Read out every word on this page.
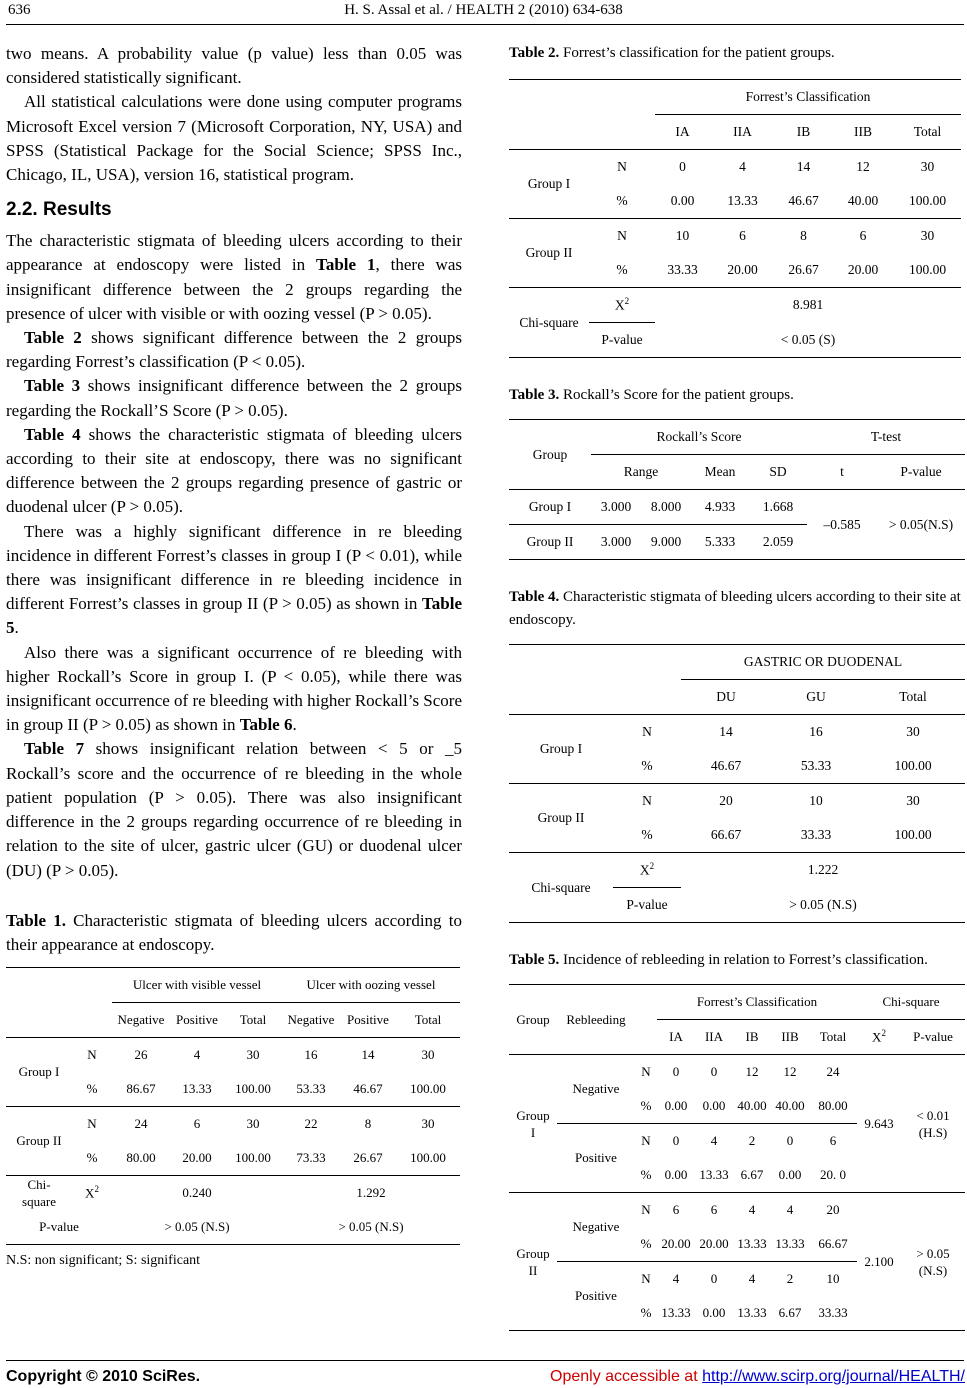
636	H. S. Assal et al. / HEALTH 2 (2010) 634-638

two means. A probability value (p value) less than 0.05 was considered statistically significant.

All statistical calculations were done using computer programs Microsoft Excel version 7 (Microsoft Corporation, NY, USA) and SPSS (Statistical Package for the Social Science; SPSS Inc., Chicago, IL, USA), version 16, statistical program.

2.2. Results

The characteristic stigmata of bleeding ulcers according to their appearance at endoscopy were listed in Table 1, there was insignificant difference between the 2 groups regarding the presence of ulcer with visible or with oozing vessel (P > 0.05).

Table 2 shows significant difference between the 2 groups regarding Forrest’s classification (P < 0.05).

Table 3 shows insignificant difference between the 2 groups regarding the Rockall’S Score (P > 0.05).

Table 4 shows the characteristic stigmata of bleeding ulcers according to their site at endoscopy, there was no significant difference between the 2 groups regarding presence of gastric or duodenal ulcer (P > 0.05).

There was a highly significant difference in re bleeding incidence in different Forrest’s classes in group I (P < 0.01), while there was insignificant difference in re bleeding incidence in different Forrest’s classes in group II (P > 0.05) as shown in Table 5.

Also there was a significant occurrence of re bleeding with higher Rockall’s Score in group I. (P < 0.05), while there was insignificant occurrence of re bleeding with higher Rockall’s Score in group II (P > 0.05) as shown in Table 6.

Table 7 shows insignificant relation between < 5 or _5 Rockall’s score and the occurrence of re bleeding in the whole patient population (P > 0.05). There was also insignificant difference in the 2 groups regarding occurrence of re bleeding in relation to the site of ulcer, gastric ulcer (GU) or duodenal ulcer (DU) (P > 0.05).

Table 1. Characteristic stigmata of bleeding ulcers according to their appearance at endoscopy.

		Ulcer with visible vessel			Ulcer with oozing vessel		
		Negative	Positive	Total	Negative	Positive	Total
Group I	N	26	4	30	16	14	30
	%	86.67	13.33	100.00	53.33	46.67	100.00
Group II	N	24	6	30	22	8	30
	%	80.00	20.00	100.00	73.33	26.67	100.00
Chi-
square	$X^2$	0.240			1.292		
P-value		> 0.05 (N.S)			> 0.05 (N.S)		
N.S: non significant; S: significant

Table 2. Forrest’s classification for the patient groups.

		Forrest’s Classification				
		IA	IIA	IB	IIB	Total
Group I	N	0	4	14	12	30
	%	0.00	13.33	46.67	40.00	100.00
Group II	N	10	6	8	6	30
	%	33.33	20.00	26.67	20.00	100.00
Chi-square	$X^2$	8.981				
	P-value	< 0.05 (S)				

Table 3. Rockall’s Score for the patient groups.

Group	Rockall’s Score				T-test	
	Range		Mean	SD	t	P-value
Group I	3.000	8.000	4.933	1.668	–0.585	> 0.05(N.S)
Group II	3.000	9.000	5.333	2.059		

Table 4. Characteristic stigmata of bleeding ulcers according to their site at endoscopy.

		GASTRIC OR DUODENAL		
		DU	GU	Total
Group I	N	14	16	30
	%	46.67	53.33	100.00
Group II	N	20	10	30
	%	66.67	33.33	100.00
Chi-square	$X^2$	1.222		
	P-value	> 0.05 (N.S)		

Table 5. Incidence of rebleeding in relation to Forrest’s classification.

Group	Rebleeding		Forrest’s Classification					Chi-square	
			IA	IIA	IB	IIB	Total	$X^2$	P-value
Group
I	Negative	N	0	0	12	12	24	9.643	< 0.01
(H.S)
		%	0.00	0.00	40.00	40.00	80.00		
	Positive	N	0	4	2	0	6		
		%	0.00	13.33	6.67	0.00	20. 0		
Group
II	Negative	N	6	6	4	4	20	2.100	> 0.05
(N.S)
		%	20.00	20.00	13.33	13.33	66.67		
	Positive	N	4	0	4	2	10		
		%	13.33	0.00	13.33	6.67	33.33		
Copyright © 2010 SciRes.	Openly accessible at http://www.scirp.org/journal/HEALTH/
